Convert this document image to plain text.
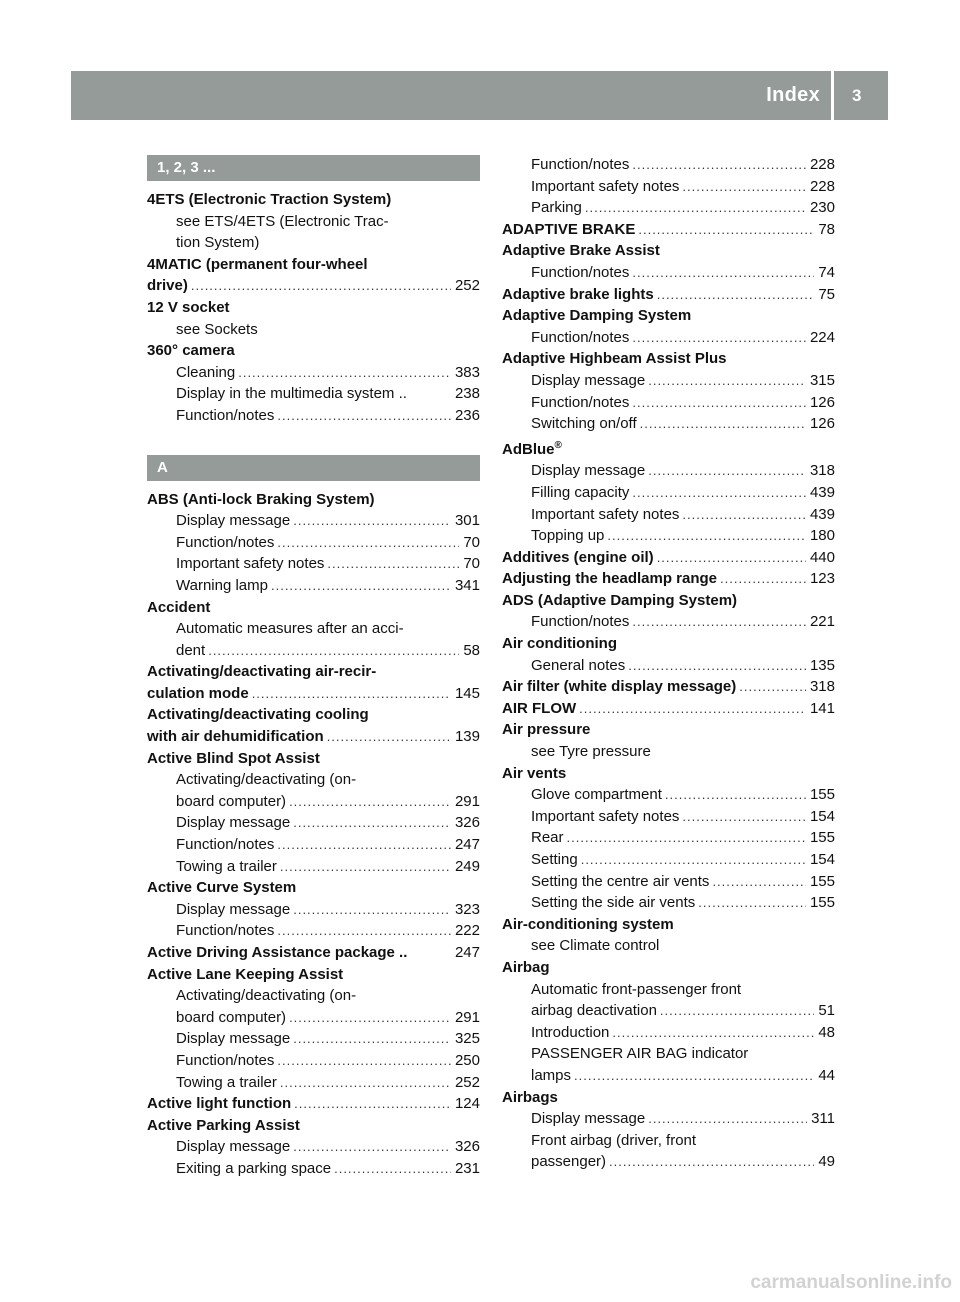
Index 3
1, 2, 3 ...
4ETS (Electronic Traction System)
see ETS/4ETS (Electronic Trac-
tion System)
4MATIC (permanent four-wheel
drive) .....	252
12 V socket
see Sockets
360° camera
Cleaning .....	383
Display in the multimedia system ..	238
Function/notes .....	236
A
ABS (Anti-lock Braking System)
Display message .....	301
Function/notes .....	70
Important safety notes .....	70
Warning lamp .....	341
Accident
Automatic measures after an acci-
dent .....	58
Activating/deactivating air-recir-
culation mode .....	145
Activating/deactivating cooling
with air dehumidification .....	139
Active Blind Spot Assist
Activating/deactivating (on-
board computer) .....	291
Display message .....	326
Function/notes .....	247
Towing a trailer .....	249
Active Curve System
Display message .....	323
Function/notes .....	222
Active Driving Assistance package ..	247
Active Lane Keeping Assist
Activating/deactivating (on-
board computer) .....	291
Display message .....	325
Function/notes .....	250
Towing a trailer .....	252
Active light function .....	124
Active Parking Assist
Display message .....	326
Exiting a parking space .....	231
Function/notes .....	228
Important safety notes .....	228
Parking .....	230
ADAPTIVE BRAKE .....	78
Adaptive Brake Assist
Function/notes .....	74
Adaptive brake lights .....	75
Adaptive Damping System
Function/notes .....	224
Adaptive Highbeam Assist Plus
Display message .....	315
Function/notes .....	126
Switching on/off .....	126
AdBlue®
Display message .....	318
Filling capacity .....	439
Important safety notes .....	439
Topping up .....	180
Additives (engine oil) .....	440
Adjusting the headlamp range .....	123
ADS (Adaptive Damping System)
Function/notes .....	221
Air conditioning
General notes .....	135
Air filter (white display message) .....	318
AIR FLOW .....	141
Air pressure
see Tyre pressure
Air vents
Glove compartment .....	155
Important safety notes .....	154
Rear .....	155
Setting .....	154
Setting the centre air vents .....	155
Setting the side air vents .....	155
Air-conditioning system
see Climate control
Airbag
Automatic front-passenger front
airbag deactivation .....	51
Introduction .....	48
PASSENGER AIR BAG indicator
lamps .....	44
Airbags
Display message .....	311
Front airbag (driver, front
passenger) .....	49
carmanualsonline.info
